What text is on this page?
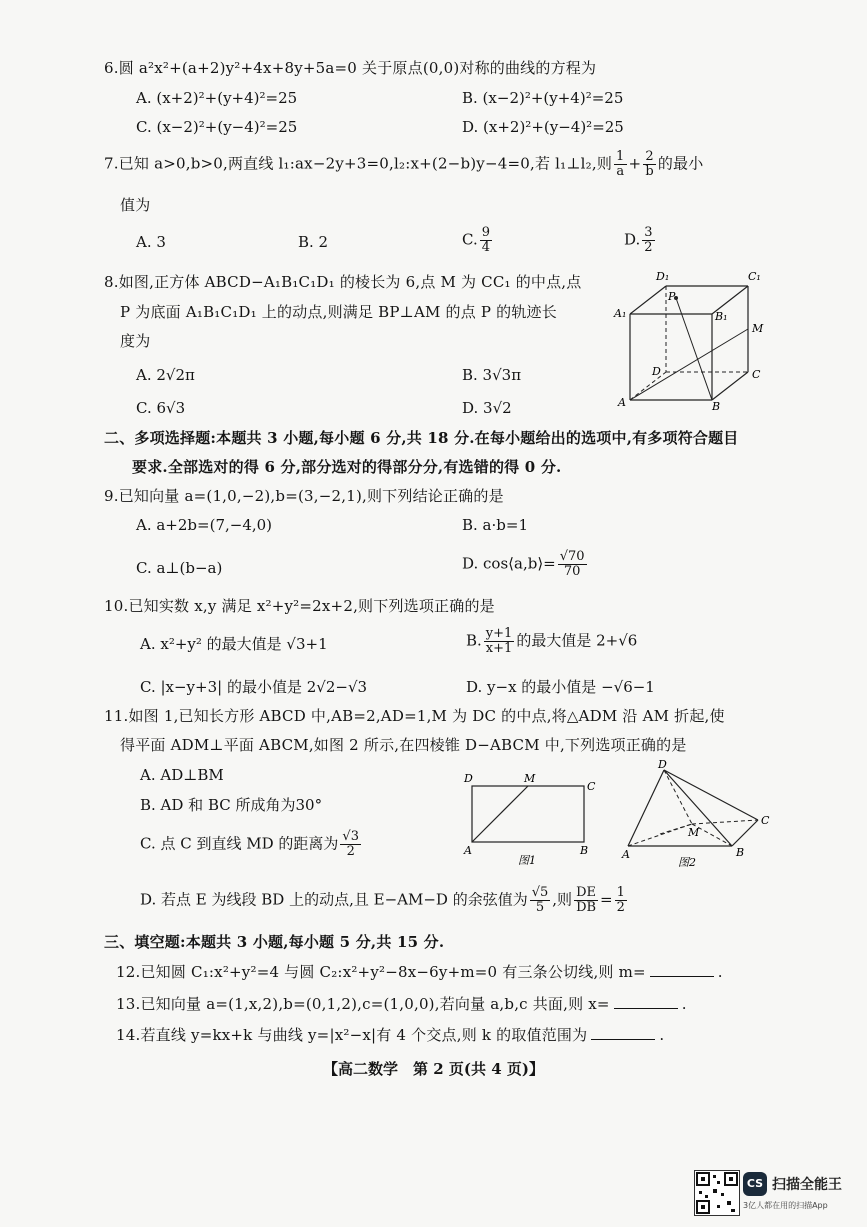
6.圆 a²x²+(a+2)y²+4x+8y+5a=0 关于原点(0,0)对称的曲线的方程为
A. (x+2)²+(y+4)²=25	B. (x−2)²+(y+4)²=25
C. (x−2)²+(y−4)²=25	D. (x+2)²+(y−4)²=25
7.已知 a>0,b>0,两直线 l₁:ax−2y+3=0,l₂:x+(2−b)y−4=0,若 l₁⊥l₂,则 $\frac{1}{a} + \frac{2}{b}$ 的最小
值为
A. 3	B. 2	C. $\frac{9}{4}$	D. $\frac{3}{2}$
8.如图,正方体 ABCD−A₁B₁C₁D₁ 的棱长为 6,点 M 为 CC₁ 的中点,点
P 为底面 A₁B₁C₁D₁ 上的动点,则满足 BP⊥AM 的点 P 的轨迹长
度为
A. 2√2π	B. 3√3π
C. 6√3	D. 3√2
D₁	C₁
A₁	B₁
P
M
D	C
A	B
二、多项选择题:本题共 3 小题,每小题 6 分,共 18 分.在每小题给出的选项中,有多项符合题目
要求.全部选对的得 6 分,部分选对的得部分分,有选错的得 0 分.
9.已知向量 a=(1,0,−2),b=(3,−2,1),则下列结论正确的是
A. a+2b=(7,−4,0)	B. a·b=1
C. a⊥(b−a)	D. cos⟨a,b⟩= $\frac{√70}{70}$
10.已知实数 x,y 满足 x²+y²=2x+2,则下列选项正确的是
A. x²+y² 的最大值是 √3+1	B. $\frac{y+1}{x+1}$ 的最大值是 2+√6
C. |x−y+3| 的最小值是 2√2−√3	D. y−x 的最小值是 −√6−1
11.如图 1,已知长方形 ABCD 中,AB=2,AD=1,M 为 DC 的中点,将△ADM 沿 AM 折起,使
得平面 ADM⊥平面 ABCM,如图 2 所示,在四棱锥 D−ABCM 中,下列选项正确的是
A. AD⊥BM
B. AD 和 BC 所成角为30°
C. 点 C 到直线 MD 的距离为 $\frac{√3}{2}$
D. 若点 E 为线段 BD 上的动点,且 E−AM−D 的余弦值为 $\frac{√5}{5}$ ,则 $\frac{DE}{DB} = \frac{1}{2}$
D	M
C
A	B
图1
D
M
C
A	B
图2
三、填空题:本题共 3 小题,每小题 5 分,共 15 分.
12.已知圆 C₁:x²+y²=4 与圆 C₂:x²+y²−8x−6y+m=0 有三条公切线,则 m=	.
13.已知向量 a=(1,x,2),b=(0,1,2),c=(1,0,0),若向量 a,b,c 共面,则 x=	.
14.若直线 y=kx+k 与曲线 y=|x²−x|有 4 个交点,则 k 的取值范围为	.
【高二数学　第 2 页(共 4 页)】
CS 扫描全能王
3亿人都在用的扫描App
